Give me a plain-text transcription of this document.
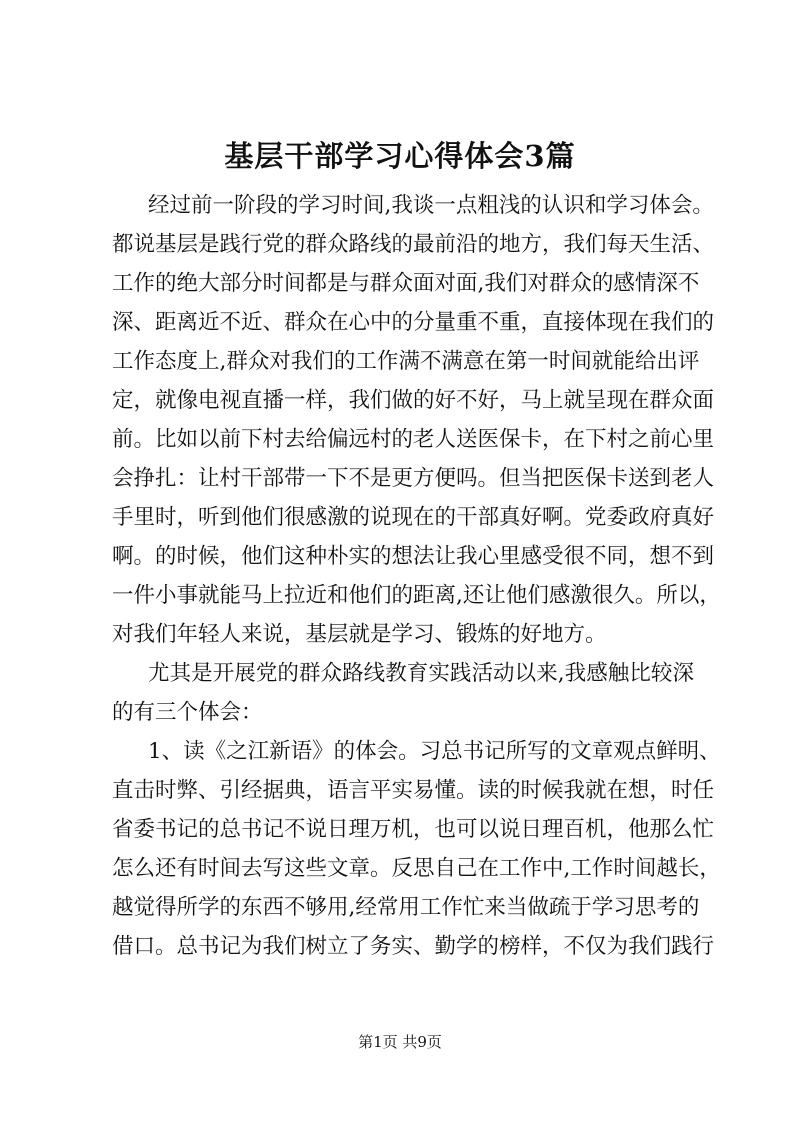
基层干部学习心得体会3篇
经过前一阶段的学习时间,我谈一点粗浅的认识和学习体会。
都说基层是践行党的群众路线的最前沿的地方，我们每天生活、
工作的绝大部分时间都是与群众面对面,我们对群众的感情深不
深、距离近不近、群众在心中的分量重不重，直接体现在我们的
工作态度上,群众对我们的工作满不满意在第一时间就能给出评
定，就像电视直播一样，我们做的好不好，马上就呈现在群众面
前。比如以前下村去给偏远村的老人送医保卡，在下村之前心里
会挣扎：让村干部带一下不是更方便吗。但当把医保卡送到老人
手里时，听到他们很感激的说现在的干部真好啊。党委政府真好
啊。的时候，他们这种朴实的想法让我心里感受很不同，想不到
一件小事就能马上拉近和他们的距离,还让他们感激很久。所以，
对我们年轻人来说，基层就是学习、锻炼的好地方。
尤其是开展党的群众路线教育实践活动以来,我感触比较深
的有三个体会：
1、读《之江新语》的体会。习总书记所写的文章观点鲜明、
直击时弊、引经据典，语言平实易懂。读的时候我就在想，时任
省委书记的总书记不说日理万机，也可以说日理百机，他那么忙
怎么还有时间去写这些文章。反思自己在工作中,工作时间越长，
越觉得所学的东西不够用,经常用工作忙来当做疏于学习思考的
借口。总书记为我们树立了务实、勤学的榜样，不仅为我们践行
第1页 共9页
